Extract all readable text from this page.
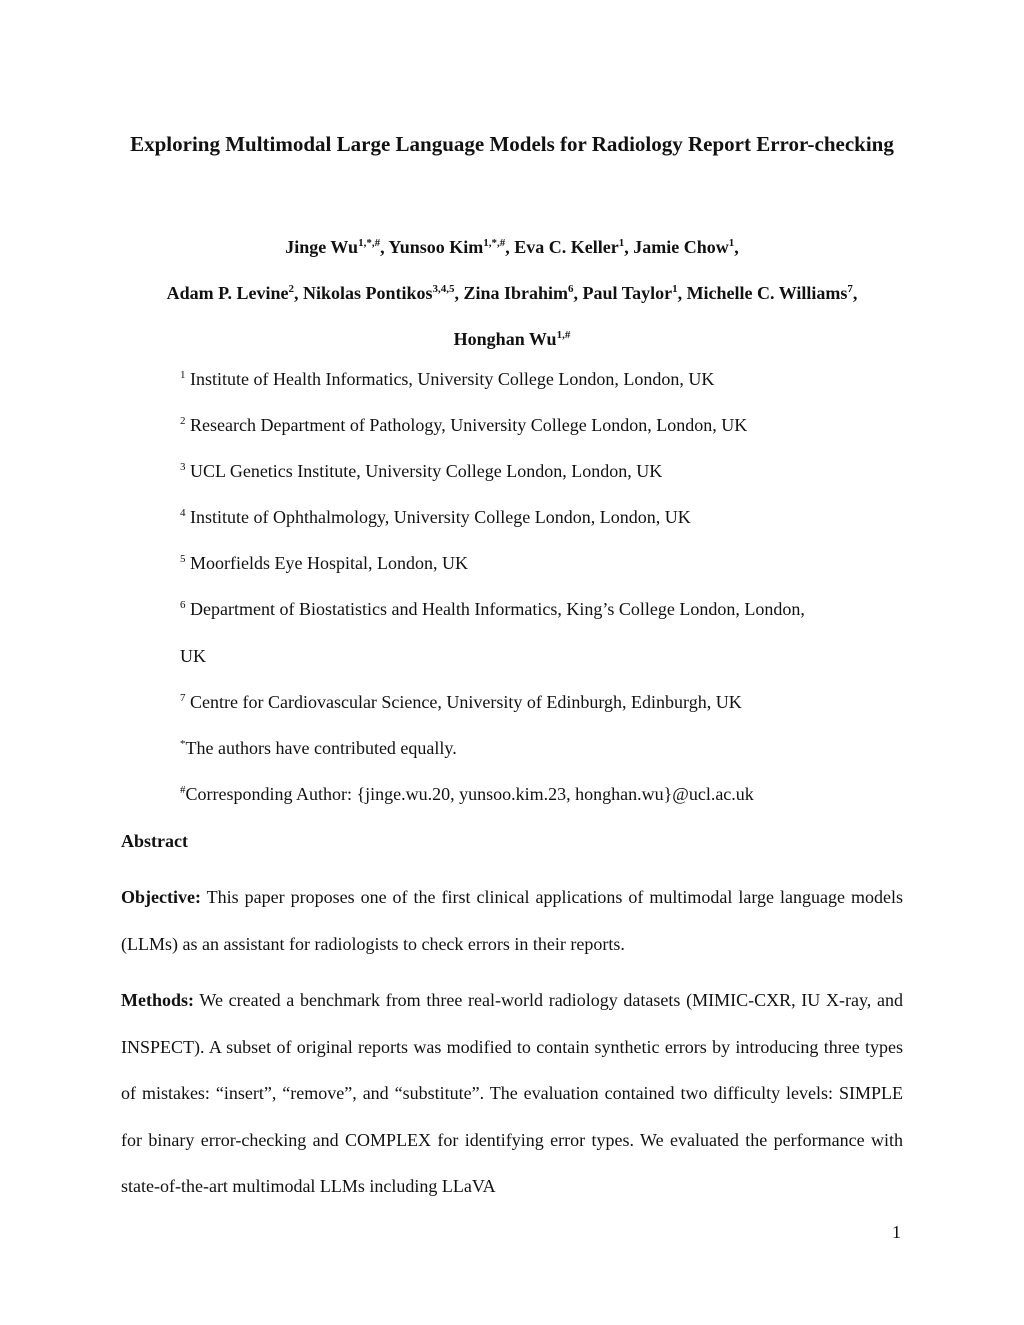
Exploring Multimodal Large Language Models for Radiology Report Error-checking
Jinge $Wu^{1,*,\#}$, Yunsoo Kim$^{1,*,\#}$, Eva C. Keller$^1$, Jamie Chow$^1$,
Adam P. Levine$^2$, Nikolas Pontikos$^{3,4,5}$, Zina Ibrahim$^6$, Paul Taylor$^1$, Michelle C. Williams$^7$,
Honghan $Wu^{1,\#}$
$^1$ Institute of Health Informatics, University College London, London, UK
$^2$ Research Department of Pathology, University College London, London, UK
$^3$ UCL Genetics Institute, University College London, London, UK
$^4$ Institute of Ophthalmology, University College London, London, UK
$^5$ Moorfields Eye Hospital, London, UK
$^6$ Department of Biostatistics and Health Informatics, King’s College London, London,
UK
$^7$ Centre for Cardiovascular Science, University of Edinburgh, Edinburgh, UK
*The authors have contributed equally.
#Corresponding Author: {jinge.wu.20, yunsoo.kim.23, honghan.wu}@ucl.ac.uk
Abstract

Objective: This paper proposes one of the first clinical applications of multimodal large language models (LLMs) as an assistant for radiologists to check errors in their reports.

Methods: We created a benchmark from three real-world radiology datasets (MIMIC-CXR, IU X-ray, and INSPECT). A subset of original reports was modified to contain synthetic errors by introducing three types of mistakes: “insert”, “remove”, and “substitute”. The evaluation contained two difficulty levels: SIMPLE for binary error-checking and COMPLEX for identifying error types. We evaluated the performance with state-of-the-art multimodal LLMs including LLaVA

1
